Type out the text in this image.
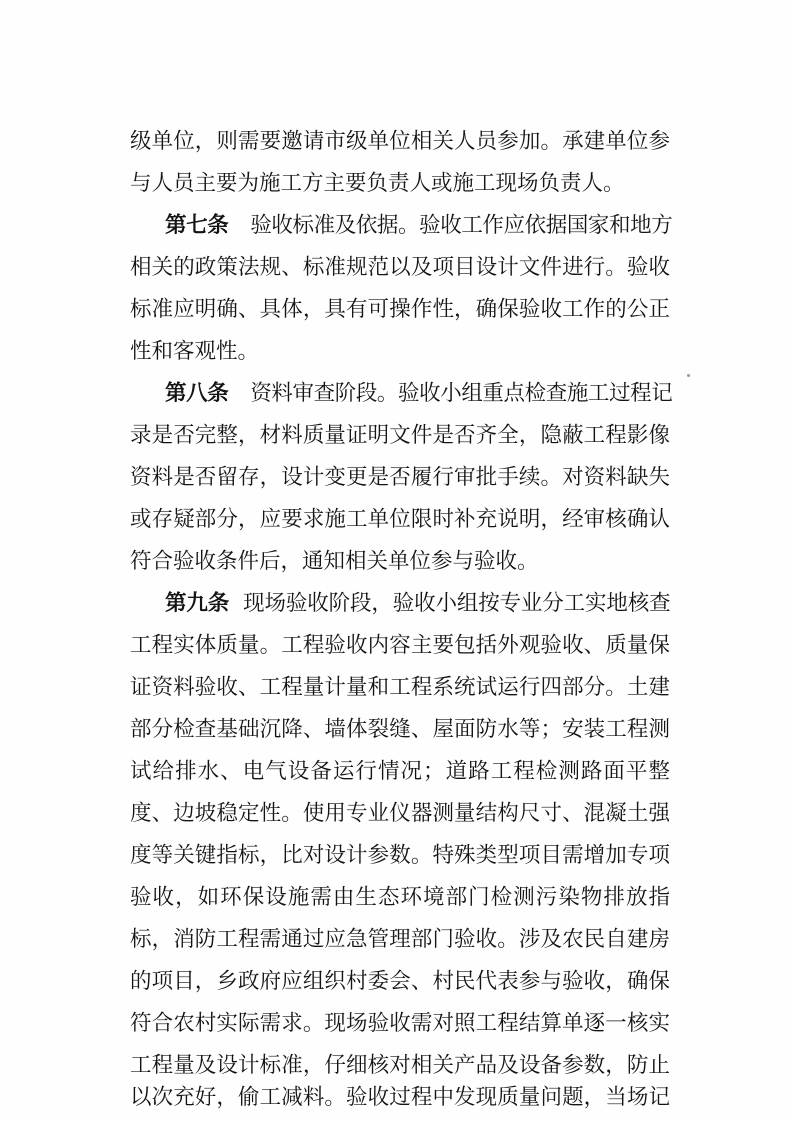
级单位，则需要邀请市级单位相关人员参加。承建单位参
与人员主要为施工方主要负责人或施工现场负责人。
第七条 验收标准及依据。验收工作应依据国家和地方
相关的政策法规、标准规范以及项目设计文件进行。验收
标准应明确、具体，具有可操作性，确保验收工作的公正
性和客观性。
第八条 资料审查阶段。验收小组重点检查施工过程记
录是否完整，材料质量证明文件是否齐全，隐蔽工程影像
资料是否留存，设计变更是否履行审批手续。对资料缺失
或存疑部分，应要求施工单位限时补充说明，经审核确认
符合验收条件后，通知相关单位参与验收。
第九条 现场验收阶段，验收小组按专业分工实地核查
工程实体质量。工程验收内容主要包括外观验收、质量保
证资料验收、工程量计量和工程系统试运行四部分。土建
部分检查基础沉降、墙体裂缝、屋面防水等；安装工程测
试给排水、电气设备运行情况；道路工程检测路面平整
度、边坡稳定性。使用专业仪器测量结构尺寸、混凝土强
度等关键指标，比对设计参数。特殊类型项目需增加专项
验收，如环保设施需由生态环境部门检测污染物排放指
标，消防工程需通过应急管理部门验收。涉及农民自建房
的项目，乡政府应组织村委会、村民代表参与验收，确保
符合农村实际需求。现场验收需对照工程结算单逐一核实
工程量及设计标准，仔细核对相关产品及设备参数，防止
以次充好，偷工减料。验收过程中发现质量问题，当场记
